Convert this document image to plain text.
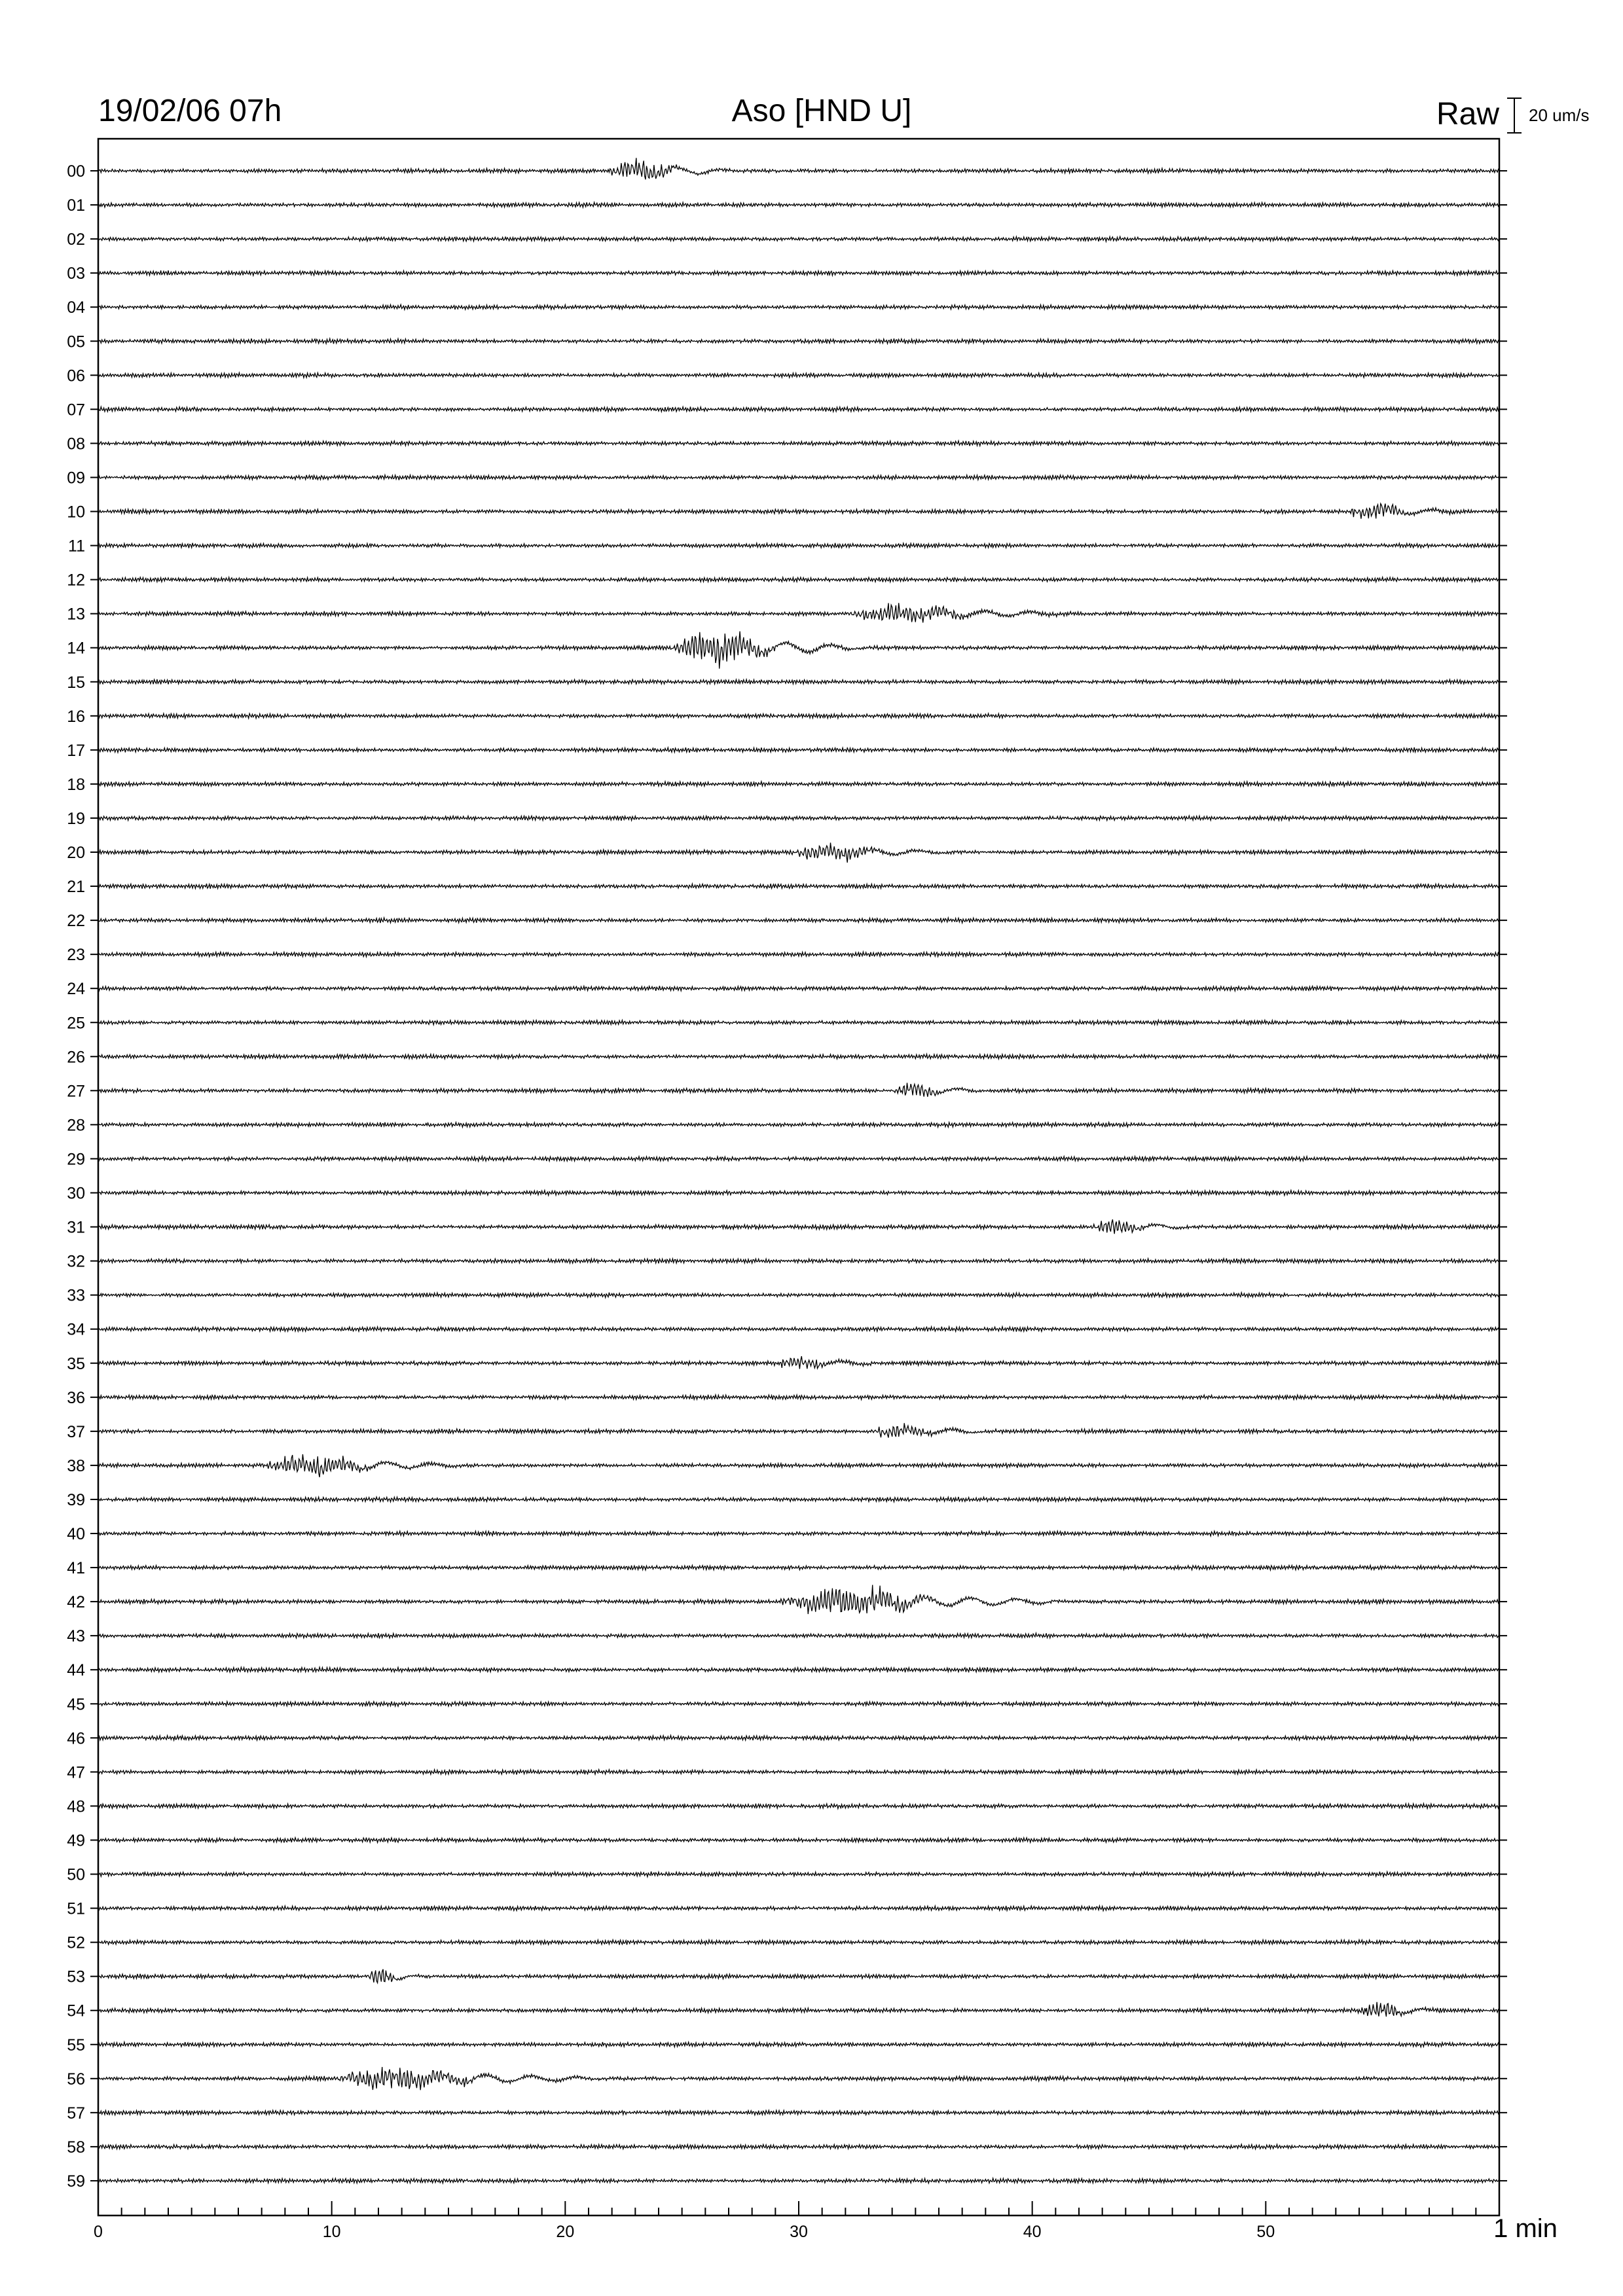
19/02/06 07h	Aso [HND U]	Raw 20 um/s
00
01
02
03
04
05
06
07
08
09
10
11
12
13
14
15
16
17
18
19
20
21
22
23
24
25
26
27
28
29
30
31
32
33
34
35
36
37
38
39
40
41
42
43
44
45
46
47
48
49
50
51
52
53
54
55
56
57
58
59
0	10	20	30	40	50	1 min
